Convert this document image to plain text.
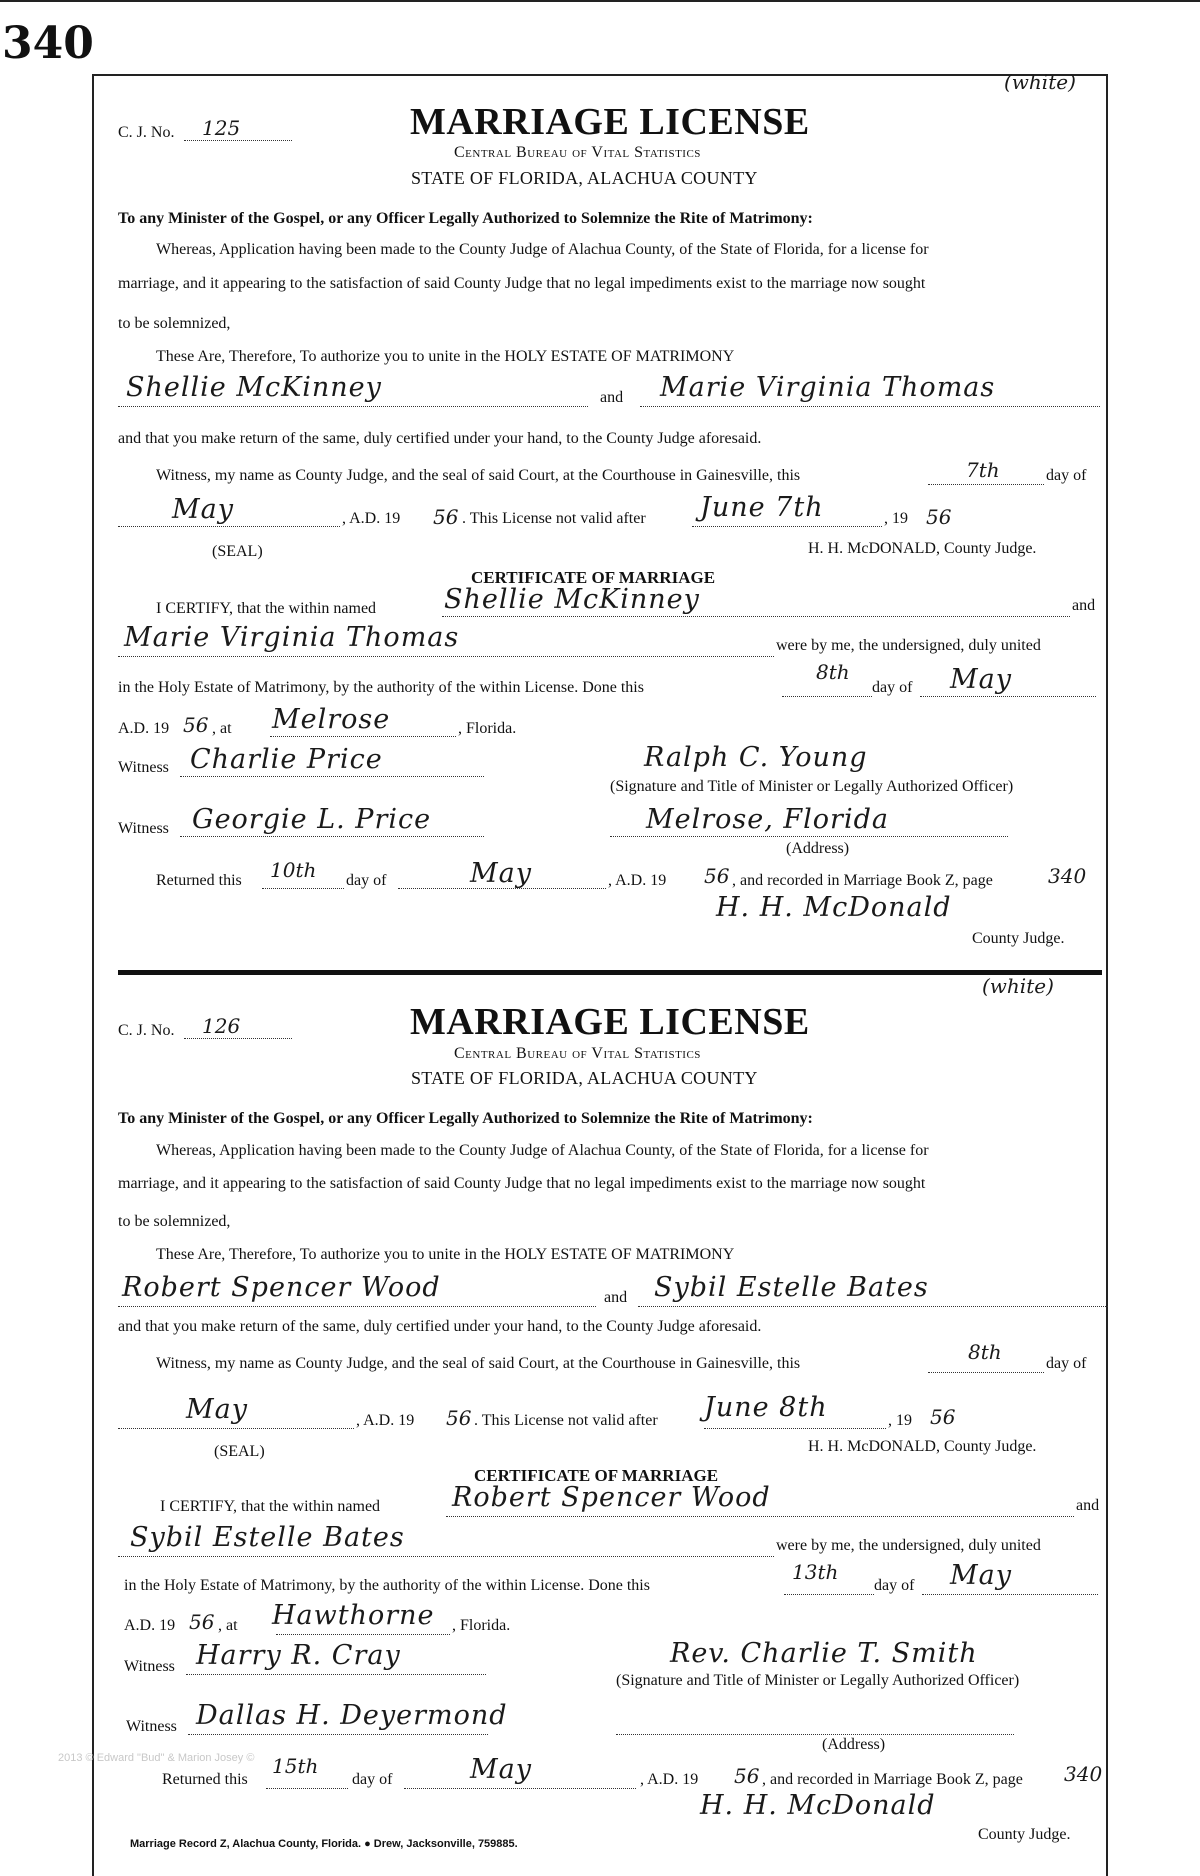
340
(white)
C. J. No. 125	MARRIAGE LICENSE
Central Bureau of Vital Statistics
STATE OF FLORIDA, ALACHUA COUNTY
To any Minister of the Gospel, or any Officer Legally Authorized to Solemnize the Rite of Matrimony:
Whereas, Application having been made to the County Judge of Alachua County, of the State of Florida, for a license for
marriage, and it appearing to the satisfaction of said County Judge that no legal impediments exist to the marriage now sought
to be solemnized,
These Are, Therefore, To authorize you to unite in the HOLY ESTATE OF MATRIMONY
Shellie McKinney	and Marie Virginia Thomas
and that you make return of the same, duly certified under your hand, to the County Judge aforesaid.
Witness, my name as County Judge, and the seal of said Court, at the Courthouse in Gainesville, this	7th	day of
May	, A.D. 19 56 . This License not valid after June 7th	, 19 56
(SEAL)	H. H. McDONALD, County Judge.
CERTIFICATE OF MARRIAGE
I CERTIFY, that the within named	Shellie McKinney	and
Marie Virginia Thomas	were by me, the undersigned, duly united
in the Holy Estate of Matrimony, by the authority of the within License. Done this
8th
day of May
A.D. 19 56 , at Melrose	, Florida.
Witness Charlie Price	Ralph C. Young
(Signature and Title of Minister or Legally Authorized Officer)
Witness Georgie L. Price	Melrose, Florida
(Address)
Returned this 10th day of	May	, A.D. 19 56 , and recorded in Marriage Book Z, page	340
H. H. McDonald
County Judge.
(white)
C. J. No. 126	MARRIAGE LICENSE
Central Bureau of Vital Statistics
STATE OF FLORIDA, ALACHUA COUNTY
To any Minister of the Gospel, or any Officer Legally Authorized to Solemnize the Rite of Matrimony:
Whereas, Application having been made to the County Judge of Alachua County, of the State of Florida, for a license for
marriage, and it appearing to the satisfaction of said County Judge that no legal impediments exist to the marriage now sought
to be solemnized,
These Are, Therefore, To authorize you to unite in the HOLY ESTATE OF MATRIMONY
Robert Spencer Wood	and Sybil Estelle Bates
and that you make return of the same, duly certified under your hand, to the County Judge aforesaid.
Witness, my name as County Judge, and the seal of said Court, at the Courthouse in Gainesville, this	8th	day of
May	, A.D. 19 56 . This License not valid after June 8th	, 19 56
(SEAL)	H. H. McDONALD, County Judge.
CERTIFICATE OF MARRIAGE
I CERTIFY, that the within named	Robert Spencer Wood	and
Sybil Estelle Bates	were by me, the undersigned, duly united
in the Holy Estate of Matrimony, by the authority of the within License. Done this
13th
day of May
A.D. 19 56 , at Hawthorne , Florida.
Witness Harry R. Cray	Rev. Charlie T. Smith
(Signature and Title of Minister or Legally Authorized Officer)
Witness Dallas H. Deyermond
(Address)
Returned this
15th
day of	May	, A.D. 19 56 , and recorded in Marriage Book Z, page 340
H. H. McDonald
County Judge.
2013 © Edward "Bud" & Marion Josey ©
Marriage Record Z, Alachua County, Florida. ● Drew, Jacksonville, 759885.
